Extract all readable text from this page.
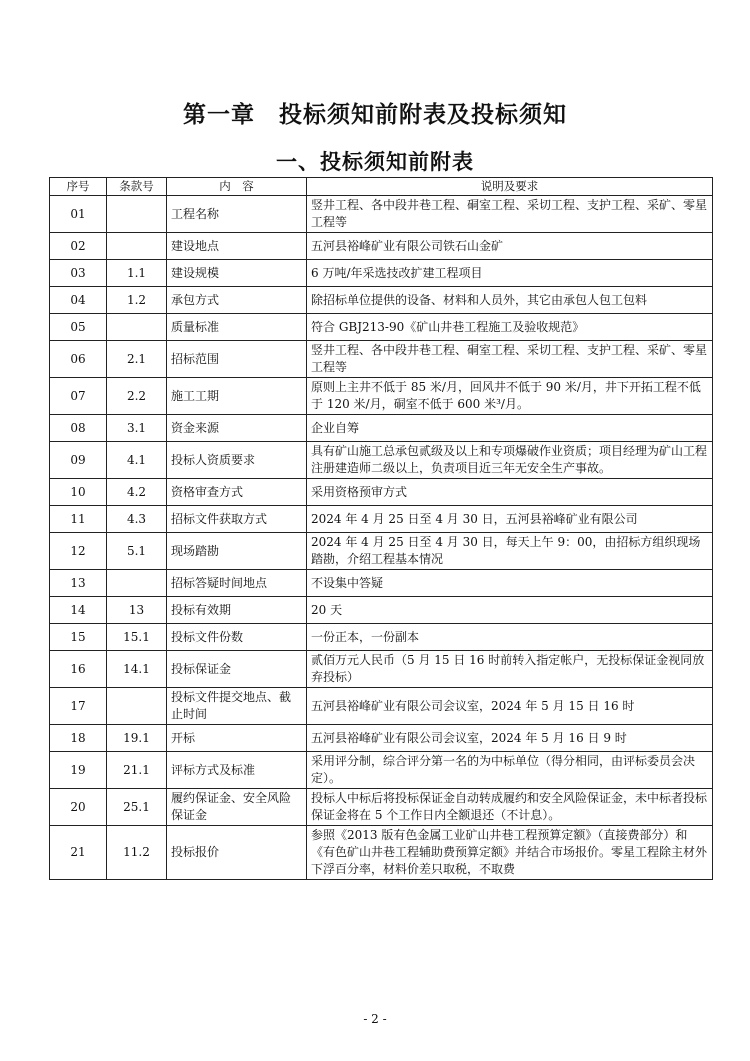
第一章　投标须知前附表及投标须知
一、投标须知前附表
序号	条款号	内　容	说明及要求
01		工程名称	竖井工程、各中段井巷工程、硐室工程、采切工程、支护工程、采矿、零星工程等
02		建设地点	五河县裕峰矿业有限公司铁石山金矿
03	1.1	建设规模	6 万吨/年采选技改扩建工程项目
04	1.2	承包方式	除招标单位提供的设备、材料和人员外，其它由承包人包工包料
05		质量标准	符合 GBJ213-90《矿山井巷工程施工及验收规范》
06	2.1	招标范围	竖井工程、各中段井巷工程、硐室工程、采切工程、支护工程、采矿、零星工程等
07	2.2	施工工期	原则上主井不低于 85 米/月，回风井不低于 90 米/月，井下开拓工程不低于 120 米/月，硐室不低于 600 米³/月。
08	3.1	资金来源	企业自筹
09	4.1	投标人资质要求	具有矿山施工总承包贰级及以上和专项爆破作业资质；项目经理为矿山工程注册建造师二级以上，负责项目近三年无安全生产事故。
10	4.2	资格审查方式	采用资格预审方式
11	4.3	招标文件获取方式	2024 年 4 月 25 日至 4 月 30 日，五河县裕峰矿业有限公司
12	5.1	现场踏勘	2024 年 4 月 25 日至 4 月 30 日，每天上午 9：00，由招标方组织现场踏勘，介绍工程基本情况
13		招标答疑时间地点	不设集中答疑
14	13	投标有效期	20 天
15	15.1	投标文件份数	一份正本，一份副本
16	14.1	投标保证金	贰佰万元人民币（5 月 15 日 16 时前转入指定帐户，无投标保证金视同放弃投标）
17		投标文件提交地点、截止时间	五河县裕峰矿业有限公司会议室，2024 年 5 月 15 日 16 时
18	19.1	开标	五河县裕峰矿业有限公司会议室，2024 年 5 月 16 日 9 时
19	21.1	评标方式及标准	采用评分制，综合评分第一名的为中标单位（得分相同，由评标委员会决定）。
20	25.1	履约保证金、安全风险保证金	投标人中标后将投标保证金自动转成履约和安全风险保证金，未中标者投标保证金将在 5 个工作日内全额退还（不计息）。
21	11.2	投标报价	参照《2013 版有色金属工业矿山井巷工程预算定额》（直接费部分）和《有色矿山井巷工程辅助费预算定额》并结合市场报价。零星工程除主材外下浮百分率，材料价差只取税，不取费
- 2 -
